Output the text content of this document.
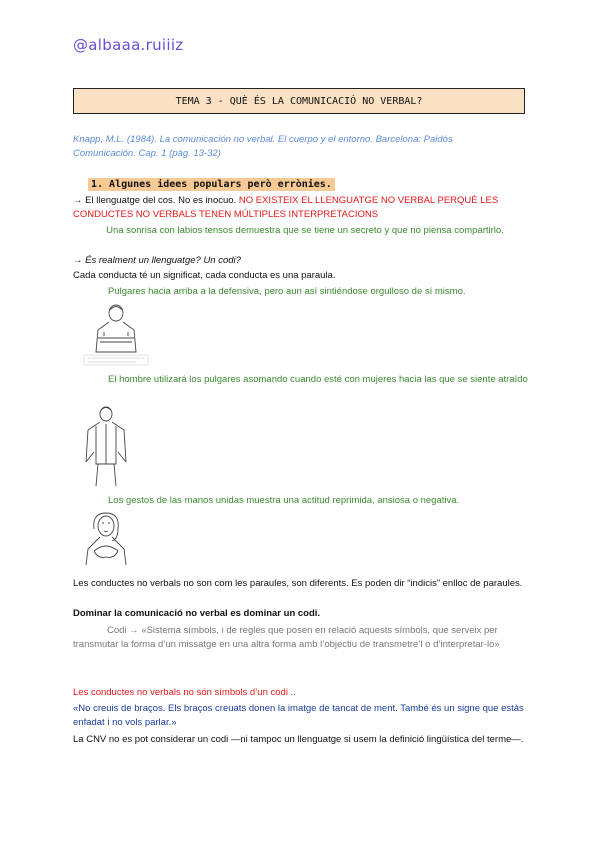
@albaaa.ruiiiz
TEMA 3 - QUÈ ÉS LA COMUNICACIÓ NO VERBAL?
Knapp, M.L. (1984). La comunicación no verbal. El cuerpo y el entorno. Barcelona: Paidós Comunicación. Cap. 1 (pàg. 13-32)
1. Algunes idees populars però errònies.
→ El llenguatge del cos. No es inocuo. NO EXISTEIX EL LLENGUATGE NO VERBAL PERQUÈ LES CONDUCTES NO VERBALS TENEN MÚLTIPLES INTERPRETACIONS
Una sonrisa con labios tensos demuestra que se tiene un secreto y que no piensa compartirlo.
→ És realment un llenguatge? Un codi?
Cada conducta té un significat, cada conducta es una paraula.
Pulgares hacia arriba a la defensiva, pero aun así sintiéndose orgulloso de sí mismo.
El hombre utilizará los pulgares asomando cuando esté con mujeres hacia las que se siente atraído
Los gestos de las manos unidas muestra una actitud reprimida, ansiosa o negativa.
Les conductes no verbals no son com les paraules, son diferents. Es poden dir “indicis” enlloc de paraules.
Dominar la comunicació no verbal es dominar un codi.
Codi → «Sistema símbols, i de regles que posen en relació aquests símbols, que serveix per transmutar la forma d’un missatge en una altra forma amb l’objectiu de transmetre’l o d’interpretar-lo»
Les conductes no verbals no són símbols d’un codi ..
«No creuis de braços. Els braços creuats donen la imatge de tancat de ment. També és un signe que estàs enfadat i no vols parlar.»
La CNV no es pot considerar un codi —ni tampoc un llenguatge si usem la definició lingüística del terme—.
